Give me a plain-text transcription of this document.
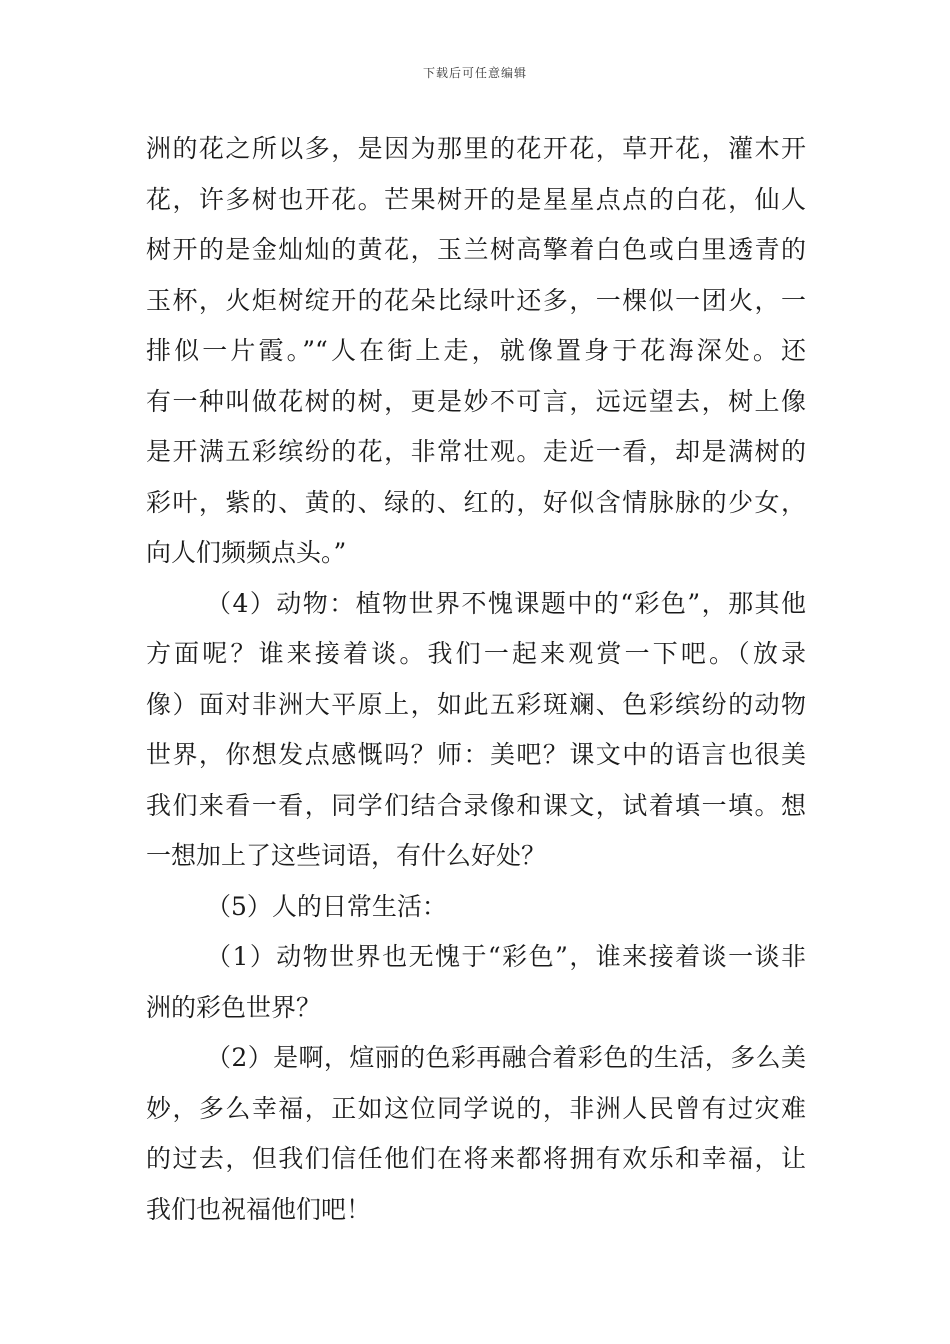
下载后可任意编辑
洲的花之所以多，是因为那里的花开花，草开花，灌木开
花，许多树也开花。芒果树开的是星星点点的白花，仙人
树开的是金灿灿的黄花，玉兰树高擎着白色或白里透青的
玉杯，火炬树绽开的花朵比绿叶还多，一棵似一团火，一
排似一片霞。”“人在街上走，就像置身于花海深处。还
有一种叫做花树的树，更是妙不可言，远远望去，树上像
是开满五彩缤纷的花，非常壮观。走近一看，却是满树的
彩叶，紫的、黄的、绿的、红的，好似含情脉脉的少女，
向人们频频点头。”
（4）动物：植物世界不愧课题中的“彩色”，那其他
方面呢？谁来接着谈。我们一起来观赏一下吧。（放录
像）面对非洲大平原上，如此五彩斑斓、色彩缤纷的动物
世界，你想发点感慨吗？师：美吧？课文中的语言也很美
我们来看一看，同学们结合录像和课文，试着填一填。想
一想加上了这些词语，有什么好处？
（5）人的日常生活：
（1）动物世界也无愧于“彩色”，谁来接着谈一谈非
洲的彩色世界？
（2）是啊，煊丽的色彩再融合着彩色的生活，多么美
妙，多么幸福，正如这位同学说的，非洲人民曾有过灾难
的过去，但我们信任他们在将来都将拥有欢乐和幸福，让
我们也祝福他们吧！
